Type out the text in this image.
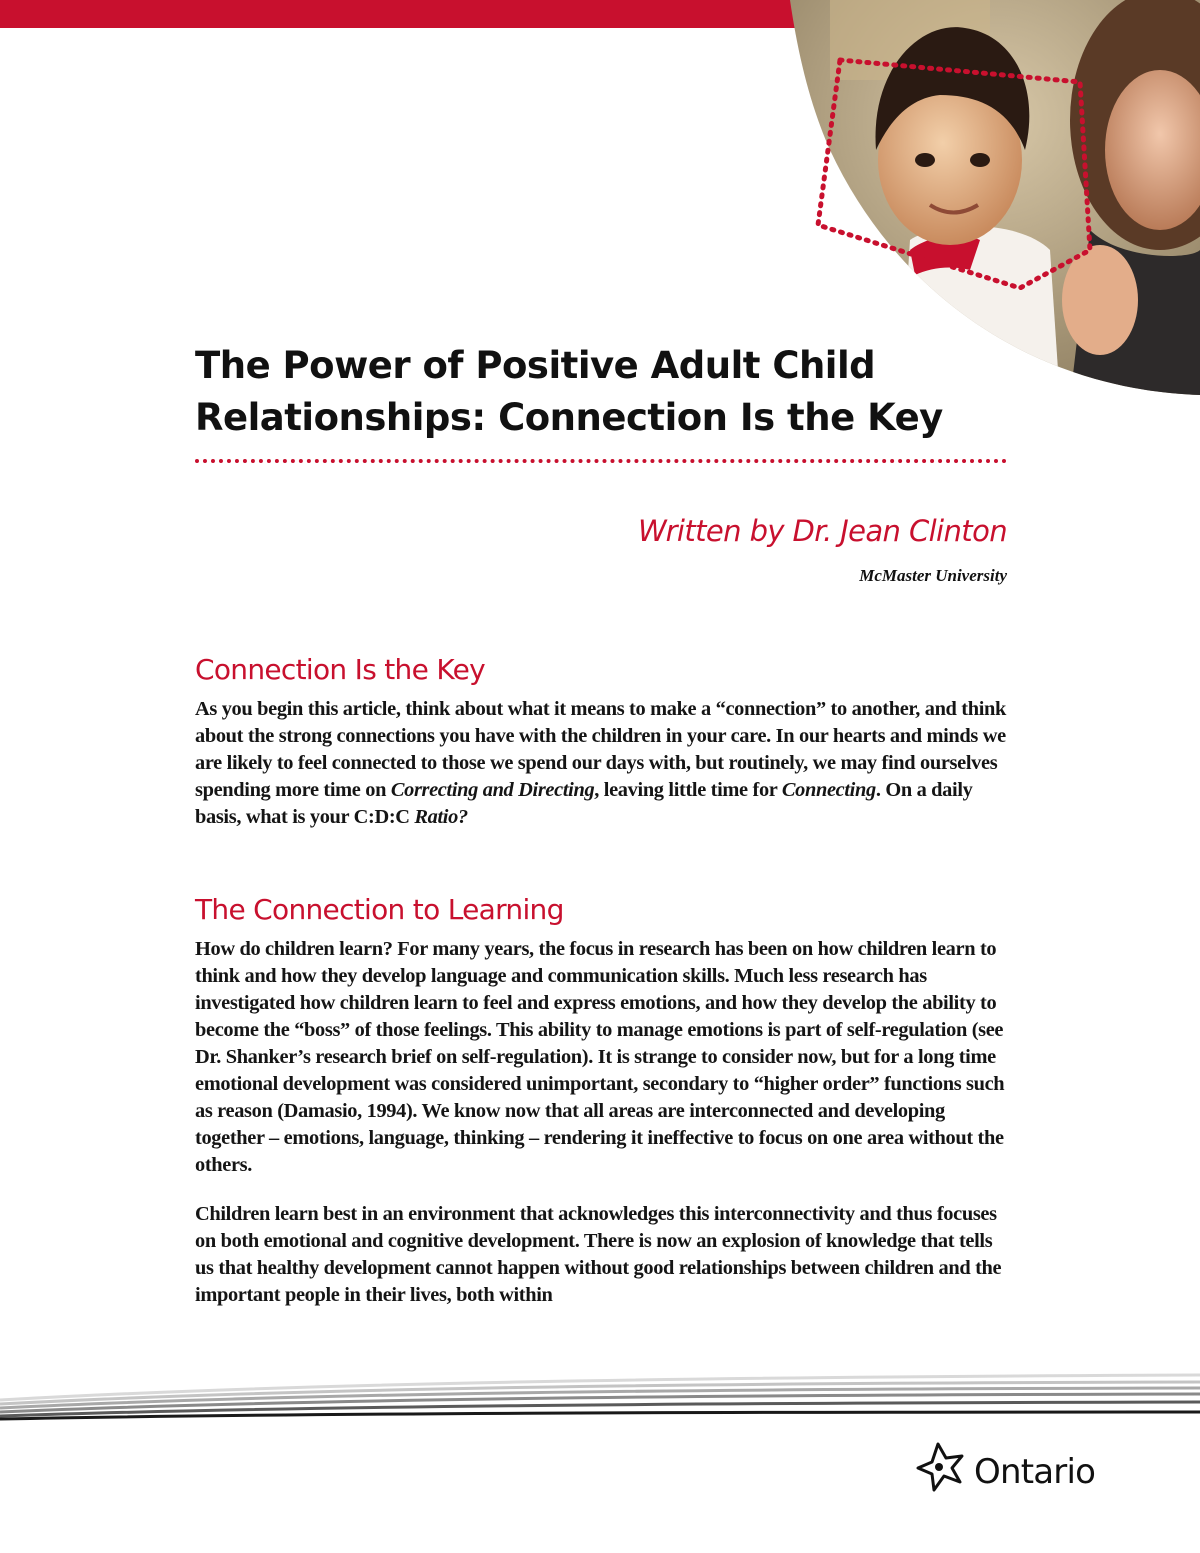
The Power of Positive Adult Child
Relationships: Connection Is the Key
Written by Dr. Jean Clinton
McMaster University
Connection Is the Key

As you begin this article, think about what it means to make a “connection” to another, and think about the strong connections you have with the children in your care. In our hearts and minds we are likely to feel connected to those we spend our days with, but routinely, we may find ourselves spending more time on Correcting and Directing, leaving little time for Connecting. On a daily basis, what is your C:D:C Ratio?

The Connection to Learning

How do children learn? For many years, the focus in research has been on how children learn to think and how they develop language and communication skills. Much less research has investigated how children learn to feel and express emotions, and how they develop the ability to become the “boss” of those feelings. This ability to manage emotions is part of self-regulation (see Dr. Shanker’s research brief on self-regulation). It is strange to consider now, but for a long time emotional development was considered unimportant, secondary to “higher order” functions such as reason (Damasio, 1994). We know now that all areas are interconnected and developing together – emotions, language, thinking – rendering it ineffective to focus on one area without the others.

Children learn best in an environment that acknowledges this interconnectivity and thus focuses on both emotional and cognitive development. There is now an explosion of knowledge that tells us that healthy development cannot happen without good relationships between children and the important people in their lives, both within

Ontario
